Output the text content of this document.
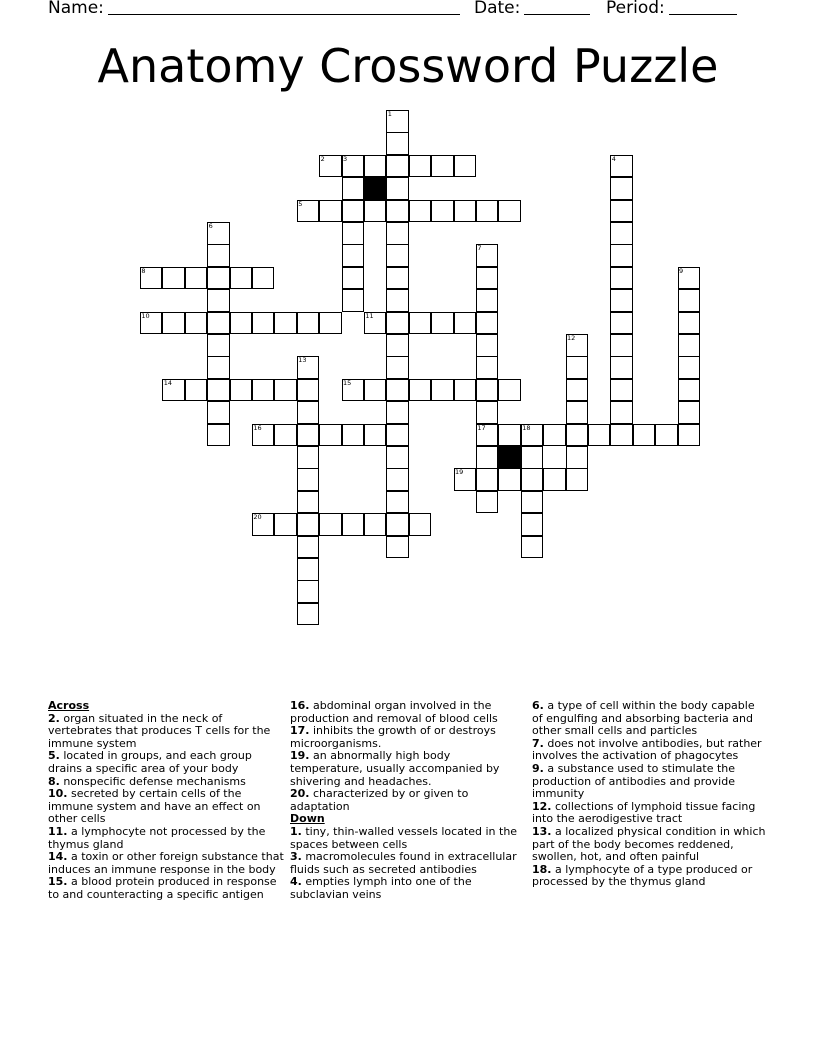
Name:	Date:	Period:
Anatomy Crossword Puzzle
1
2	3	4
5
6
7
8	9
10	11
12
13
14	15
16	17	18
19
20
Across
2. organ situated in the neck of vertebrates that produces T cells for the immune system
5. located in groups, and each group drains a specific area of your body
8. nonspecific defense mechanisms
10. secreted by certain cells of the immune system and have an effect on other cells
11. a lymphocyte not processed by the thymus gland
14. a toxin or other foreign substance that induces an immune response in the body
15. a blood protein produced in response to and counteracting a specific antigen
16. abdominal organ involved in the production and removal of blood cells
17. inhibits the growth of or destroys microorganisms.
19. an abnormally high body temperature, usually accompanied by shivering and headaches.
20. characterized by or given to adaptation
Down
1. tiny, thin-walled vessels located in the spaces between cells
3. macromolecules found in extracellular fluids such as secreted antibodies
4. empties lymph into one of the subclavian veins
6. a type of cell within the body capable of engulfing and absorbing bacteria and other small cells and particles
7. does not involve antibodies, but rather involves the activation of phagocytes
9. a substance used to stimulate the production of antibodies and provide immunity
12. collections of lymphoid tissue facing into the aerodigestive tract
13. a localized physical condition in which part of the body becomes reddened, swollen, hot, and often painful
18. a lymphocyte of a type produced or processed by the thymus gland
